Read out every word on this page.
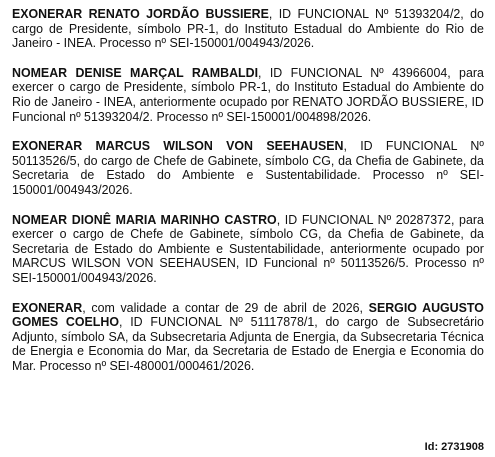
EXONERAR RENATO JORDÃO BUSSIERE, ID FUNCIONAL Nº 51393204/2, do cargo de Presidente, símbolo PR-1, do Instituto Estadual do Ambiente do Rio de Janeiro - INEA. Processo nº SEI-150001/004943/2026.

NOMEAR DENISE MARÇAL RAMBALDI, ID FUNCIONAL Nº 43966004, para exercer o cargo de Presidente, símbolo PR-1, do Instituto Estadual do Ambiente do Rio de Janeiro - INEA, anteriormente ocupado por RENATO JORDÃO BUSSIERE, ID Funcional nº 51393204/2. Processo nº SEI-150001/004898/2026.

EXONERAR MARCUS WILSON VON SEEHAUSEN, ID FUNCIONAL Nº 50113526/5, do cargo de Chefe de Gabinete, símbolo CG, da Chefia de Gabinete, da Secretaria de Estado do Ambiente e Sustentabilidade. Processo nº SEI-150001/004943/2026.

NOMEAR DIONÊ MARIA MARINHO CASTRO, ID FUNCIONAL Nº 20287372, para exercer o cargo de Chefe de Gabinete, símbolo CG, da Chefia de Gabinete, da Secretaria de Estado do Ambiente e Sustentabilidade, anteriormente ocupado por MARCUS WILSON VON SEEHAUSEN, ID Funcional nº 50113526/5. Processo nº SEI-150001/004943/2026.

EXONERAR, com validade a contar de 29 de abril de 2026, SERGIO AUGUSTO GOMES COELHO, ID FUNCIONAL Nº 51117878/1, do cargo de Subsecretário Adjunto, símbolo SA, da Subsecretaria Adjunta de Energia, da Subsecretaria Técnica de Energia e Economia do Mar, da Secretaria de Estado de Energia e Economia do Mar. Processo nº SEI-480001/000461/2026.

Id: 2731908
